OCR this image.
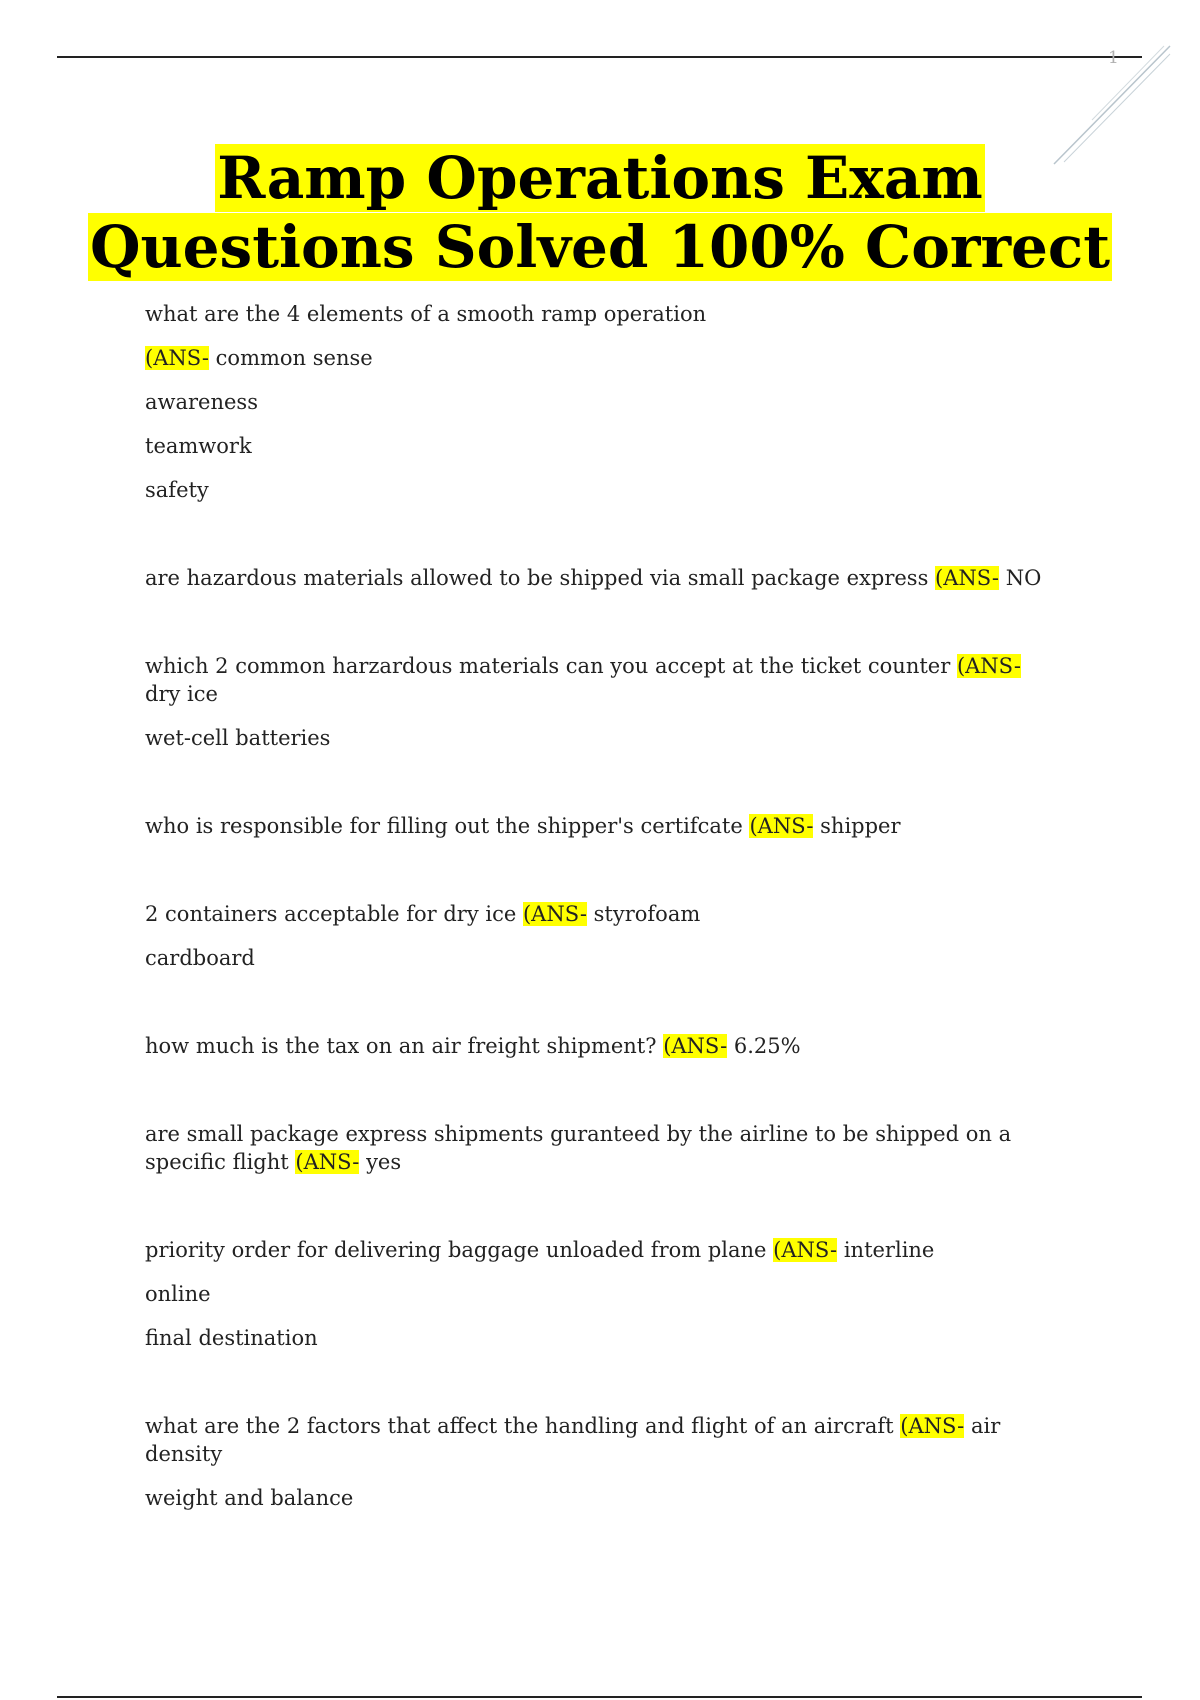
1
Ramp Operations Exam
Questions Solved 100% Correct

what are the 4 elements of a smooth ramp operation

(ANS- common sense

awareness

teamwork

safety

are hazardous materials allowed to be shipped via small package express (ANS- NO

which 2 common harzardous materials can you accept at the ticket counter (ANS- dry ice

wet-cell batteries

who is responsible for filling out the shipper's certifcate (ANS- shipper

2 containers acceptable for dry ice (ANS- styrofoam

cardboard

how much is the tax on an air freight shipment? (ANS- 6.25%

are small package express shipments guranteed by the airline to be shipped on a specific flight (ANS- yes

priority order for delivering baggage unloaded from plane (ANS- interline

online

final destination

what are the 2 factors that affect the handling and flight of an aircraft (ANS- air density

weight and balance
